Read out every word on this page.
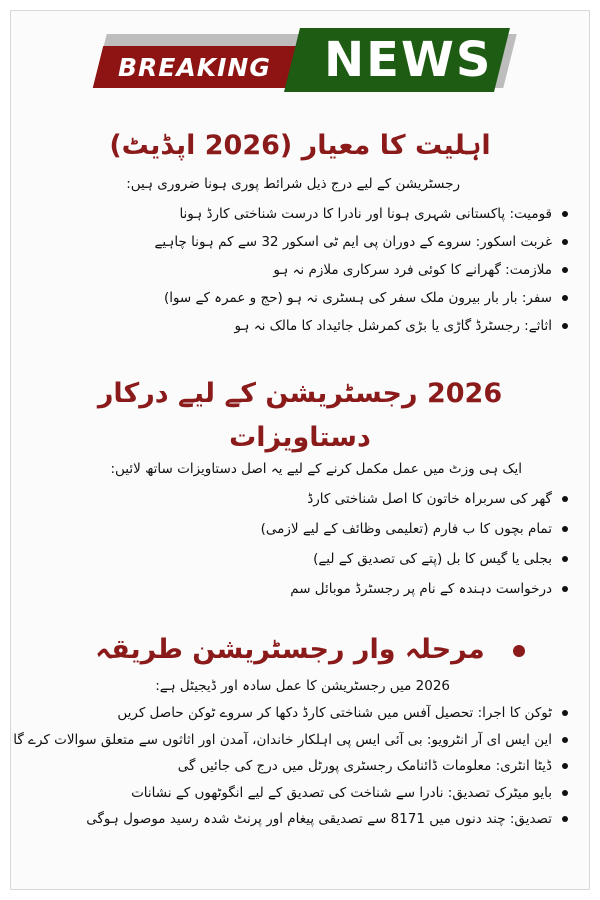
BREAKING NEWS
اہلیت کا معیار (2026 اپڈیٹ)
رجسٹریشن کے لیے درج ذیل شرائط پوری ہونا ضروری ہیں:
قومیت: پاکستانی شہری ہونا اور نادرا کا درست شناختی کارڈ ہونا
غربت اسکور: سروے کے دوران پی ایم ٹی اسکور 32 سے کم ہونا چاہیے
ملازمت: گھرانے کا کوئی فرد سرکاری ملازم نہ ہو
سفر: بار بار بیرون ملک سفر کی ہسٹری نہ ہو (حج و عمرہ کے سوا)
اثاثے: رجسٹرڈ گاڑی یا بڑی کمرشل جائیداد کا مالک نہ ہو
2026 رجسٹریشن کے لیے درکار دستاویزات
ایک ہی وزٹ میں عمل مکمل کرنے کے لیے یہ اصل دستاویزات ساتھ لائیں:
گھر کی سربراہ خاتون کا اصل شناختی کارڈ
تمام بچوں کا ب فارم (تعلیمی وظائف کے لیے لازمی)
بجلی یا گیس کا بل (پتے کی تصدیق کے لیے)
درخواست دہندہ کے نام پر رجسٹرڈ موبائل سم
مرحلہ وار رجسٹریشن طریقہ
2026 میں رجسٹریشن کا عمل سادہ اور ڈیجیٹل ہے:
ٹوکن کا اجرا: تحصیل آفس میں شناختی کارڈ دکھا کر سروے ٹوکن حاصل کریں
این ایس ای آر انٹرویو: بی آئی ایس پی اہلکار خاندان، آمدن اور اثاثوں سے متعلق سوالات کرے گا
ڈیٹا انٹری: معلومات ڈائنامک رجسٹری پورٹل میں درج کی جائیں گی
بایو میٹرک تصدیق: نادرا سے شناخت کی تصدیق کے لیے انگوٹھوں کے نشانات
تصدیق: چند دنوں میں 8171 سے تصدیقی پیغام اور پرنٹ شدہ رسید موصول ہوگی
